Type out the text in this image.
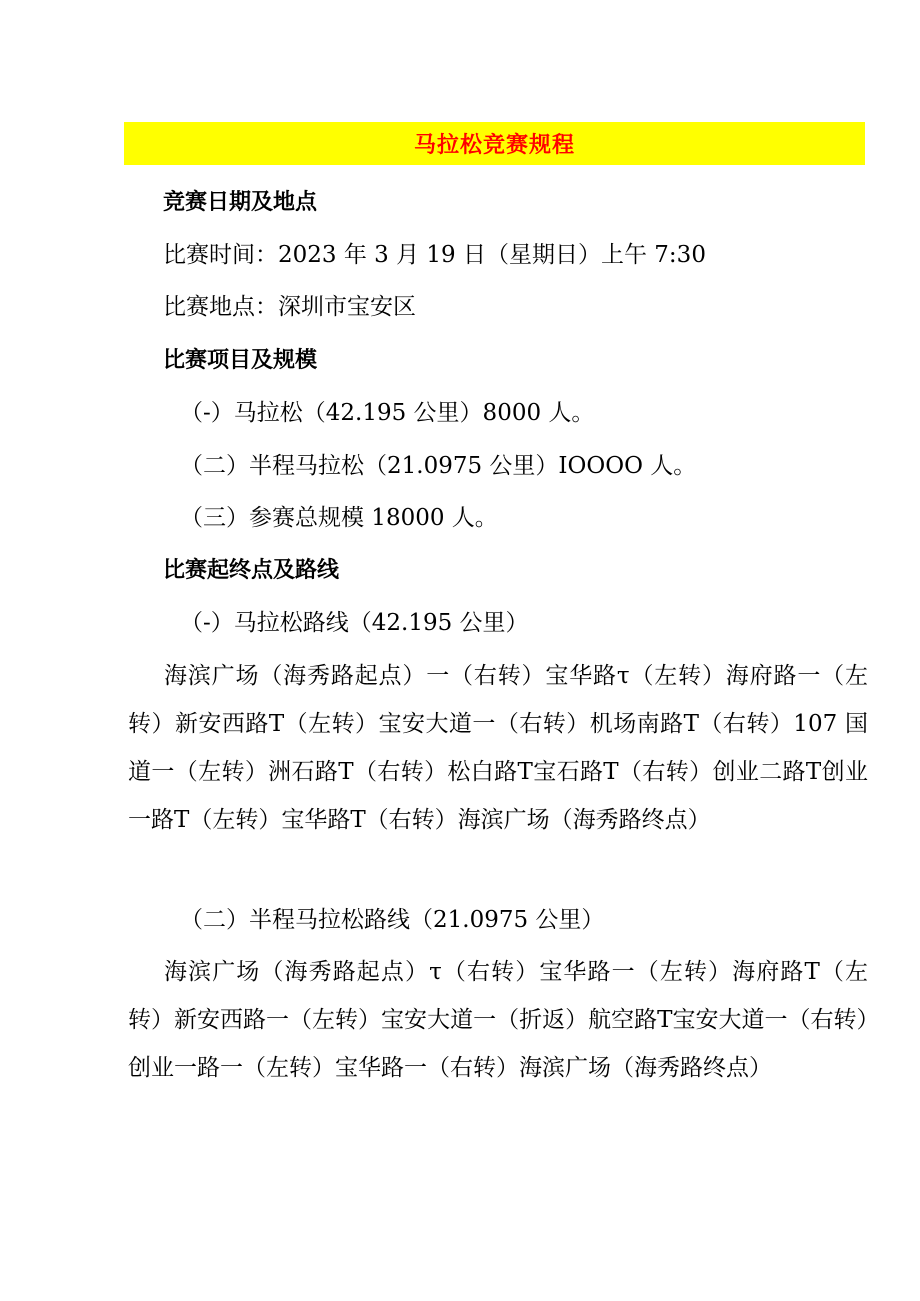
马拉松竞赛规程
竞赛日期及地点
比赛时间：2023 年 3 月 19 日（星期日）上午 7:30
比赛地点：深圳市宝安区
比赛项目及规模
（-）马拉松（42.195 公里）8000 人。
（二）半程马拉松（21.0975 公里）IOOOO 人。
（三）参赛总规模 18000 人。
比赛起终点及路线
（-）马拉松路线（42.195 公里）
海滨广场（海秀路起点）一（右转）宝华路τ（左转）海府路一（左转）新安西路T（左转）宝安大道一（右转）机场南路T（右转）107 国道一（左转）洲石路T（右转）松白路T宝石路T（右转）创业二路T创业一路T（左转）宝华路T（右转）海滨广场（海秀路终点）
（二）半程马拉松路线（21.0975 公里）
海滨广场（海秀路起点）τ（右转）宝华路一（左转）海府路T（左转）新安西路一（左转）宝安大道一（折返）航空路T宝安大道一（右转）创业一路一（左转）宝华路一（右转）海滨广场（海秀路终点）
